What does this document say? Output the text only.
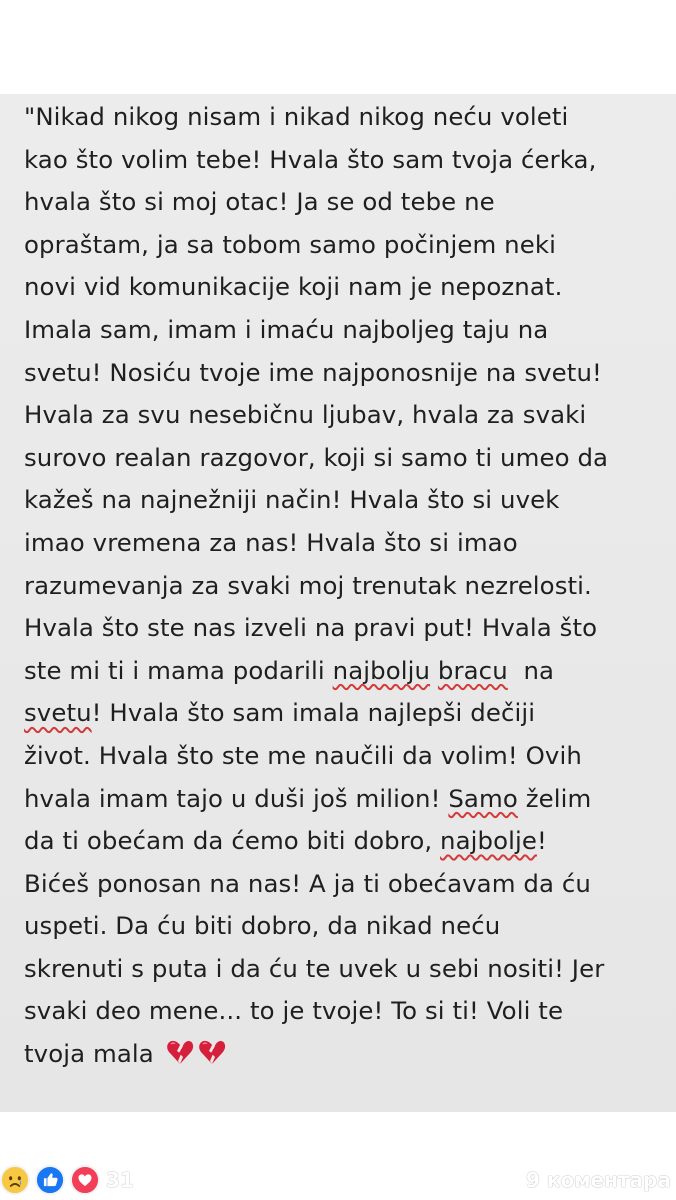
"Nikad nikog nisam i nikad nikog neću voleti
kao što volim tebe! Hvala što sam tvoja ćerka,
hvala što si moj otac! Ja se od tebe ne
opraštam, ja sa tobom samo počinjem neki
novi vid komunikacije koji nam je nepoznat.
Imala sam, imam i imaću najboljeg taju na
svetu! Nosiću tvoje ime najponosnije na svetu!
Hvala za svu nesebičnu ljubav, hvala za svaki
surovo realan razgovor, koji si samo ti umeo da
kažeš na najnežniji način! Hvala što si uvek
imao vremena za nas! Hvala što si imao
razumevanja za svaki moj trenutak nezrelosti.
Hvala što ste nas izveli na pravi put! Hvala što
ste mi ti i mama podarili najbolju bracu  na
svetu! Hvala što sam imala najlepši dečiji
život. Hvala što ste me naučili da volim! Ovih
hvala imam tajo u duši još milion! Samo želim
da ti obećam da ćemo biti dobro, najbolje!
Bićeš ponosan na nas! A ja ti obećavam da ću
uspeti. Da ću biti dobro, da nikad neću
skrenuti s puta i da ću te uvek u sebi nositi! Jer
svaki deo mene... to je tvoje! To si ti! Voli te
tvoja mala
31	9 коментара
